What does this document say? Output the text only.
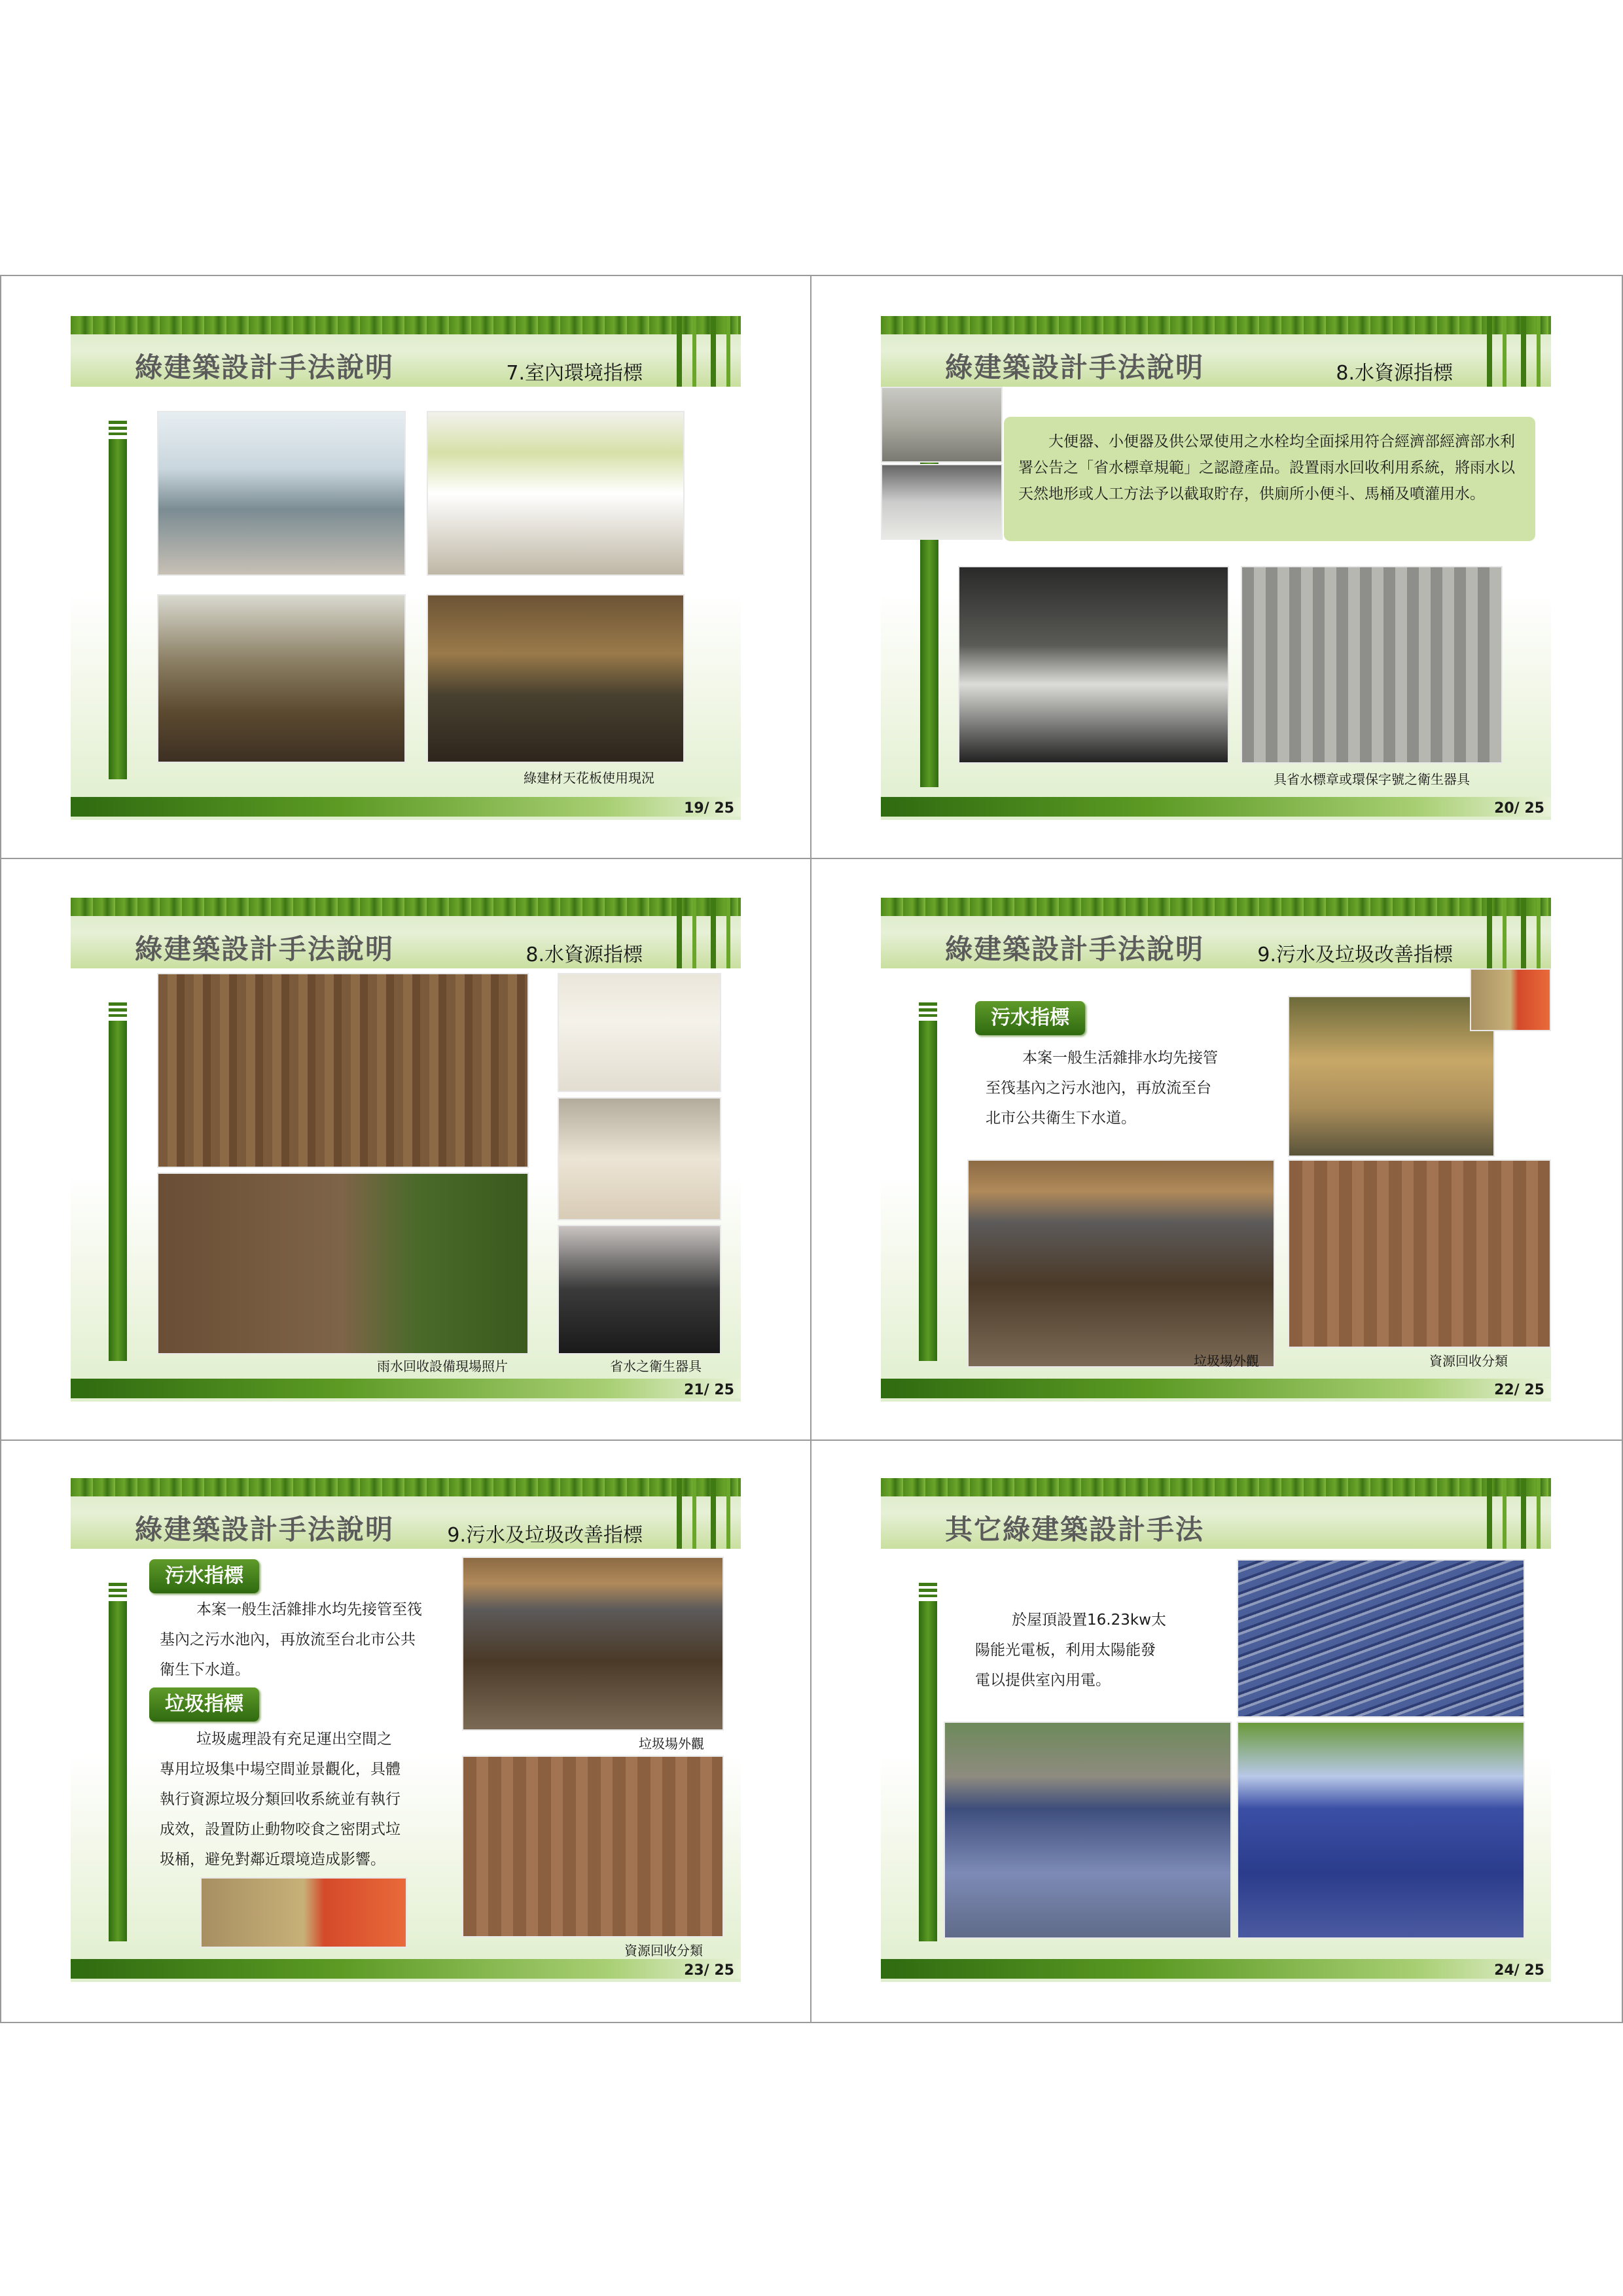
綠建築設計手法說明	7.室內環境指標
綠建材天花板使用現況
19/ 25
綠建築設計手法說明	8.水資源指標
大便器、小便器及供公眾使用之水栓均全面採用符合經濟部經濟部水利署公告之「省水標章規範」之認證產品。設置雨水回收利用系統，將雨水以天然地形或人工方法予以截取貯存，供廁所小便斗、馬桶及噴灌用水。
具省水標章或環保字號之衛生器具
20/ 25
綠建築設計手法說明	8.水資源指標
雨水回收設備現場照片	省水之衛生器具
21/ 25
綠建築設計手法說明	9.污水及垃圾改善指標
污水指標
本案一般生活雜排水均先接管
至筏基內之污水池內，再放流至台
北市公共衛生下水道。
垃圾場外觀	資源回收分類
22/ 25
綠建築設計手法說明	9.污水及垃圾改善指標
污水指標
本案一般生活雜排水均先接管至筏
基內之污水池內，再放流至台北市公共
衛生下水道。
垃圾指標
垃圾處理設有充足運出空間之
專用垃圾集中場空間並景觀化，具體
執行資源垃圾分類回收系統並有執行
成效，設置防止動物咬食之密閉式垃
圾桶，避免對鄰近環境造成影響。
垃圾場外觀
資源回收分類
23/ 25
其它綠建築設計手法
於屋頂設置16.23kw太
陽能光電板，利用太陽能發
電以提供室內用電。
24/ 25
